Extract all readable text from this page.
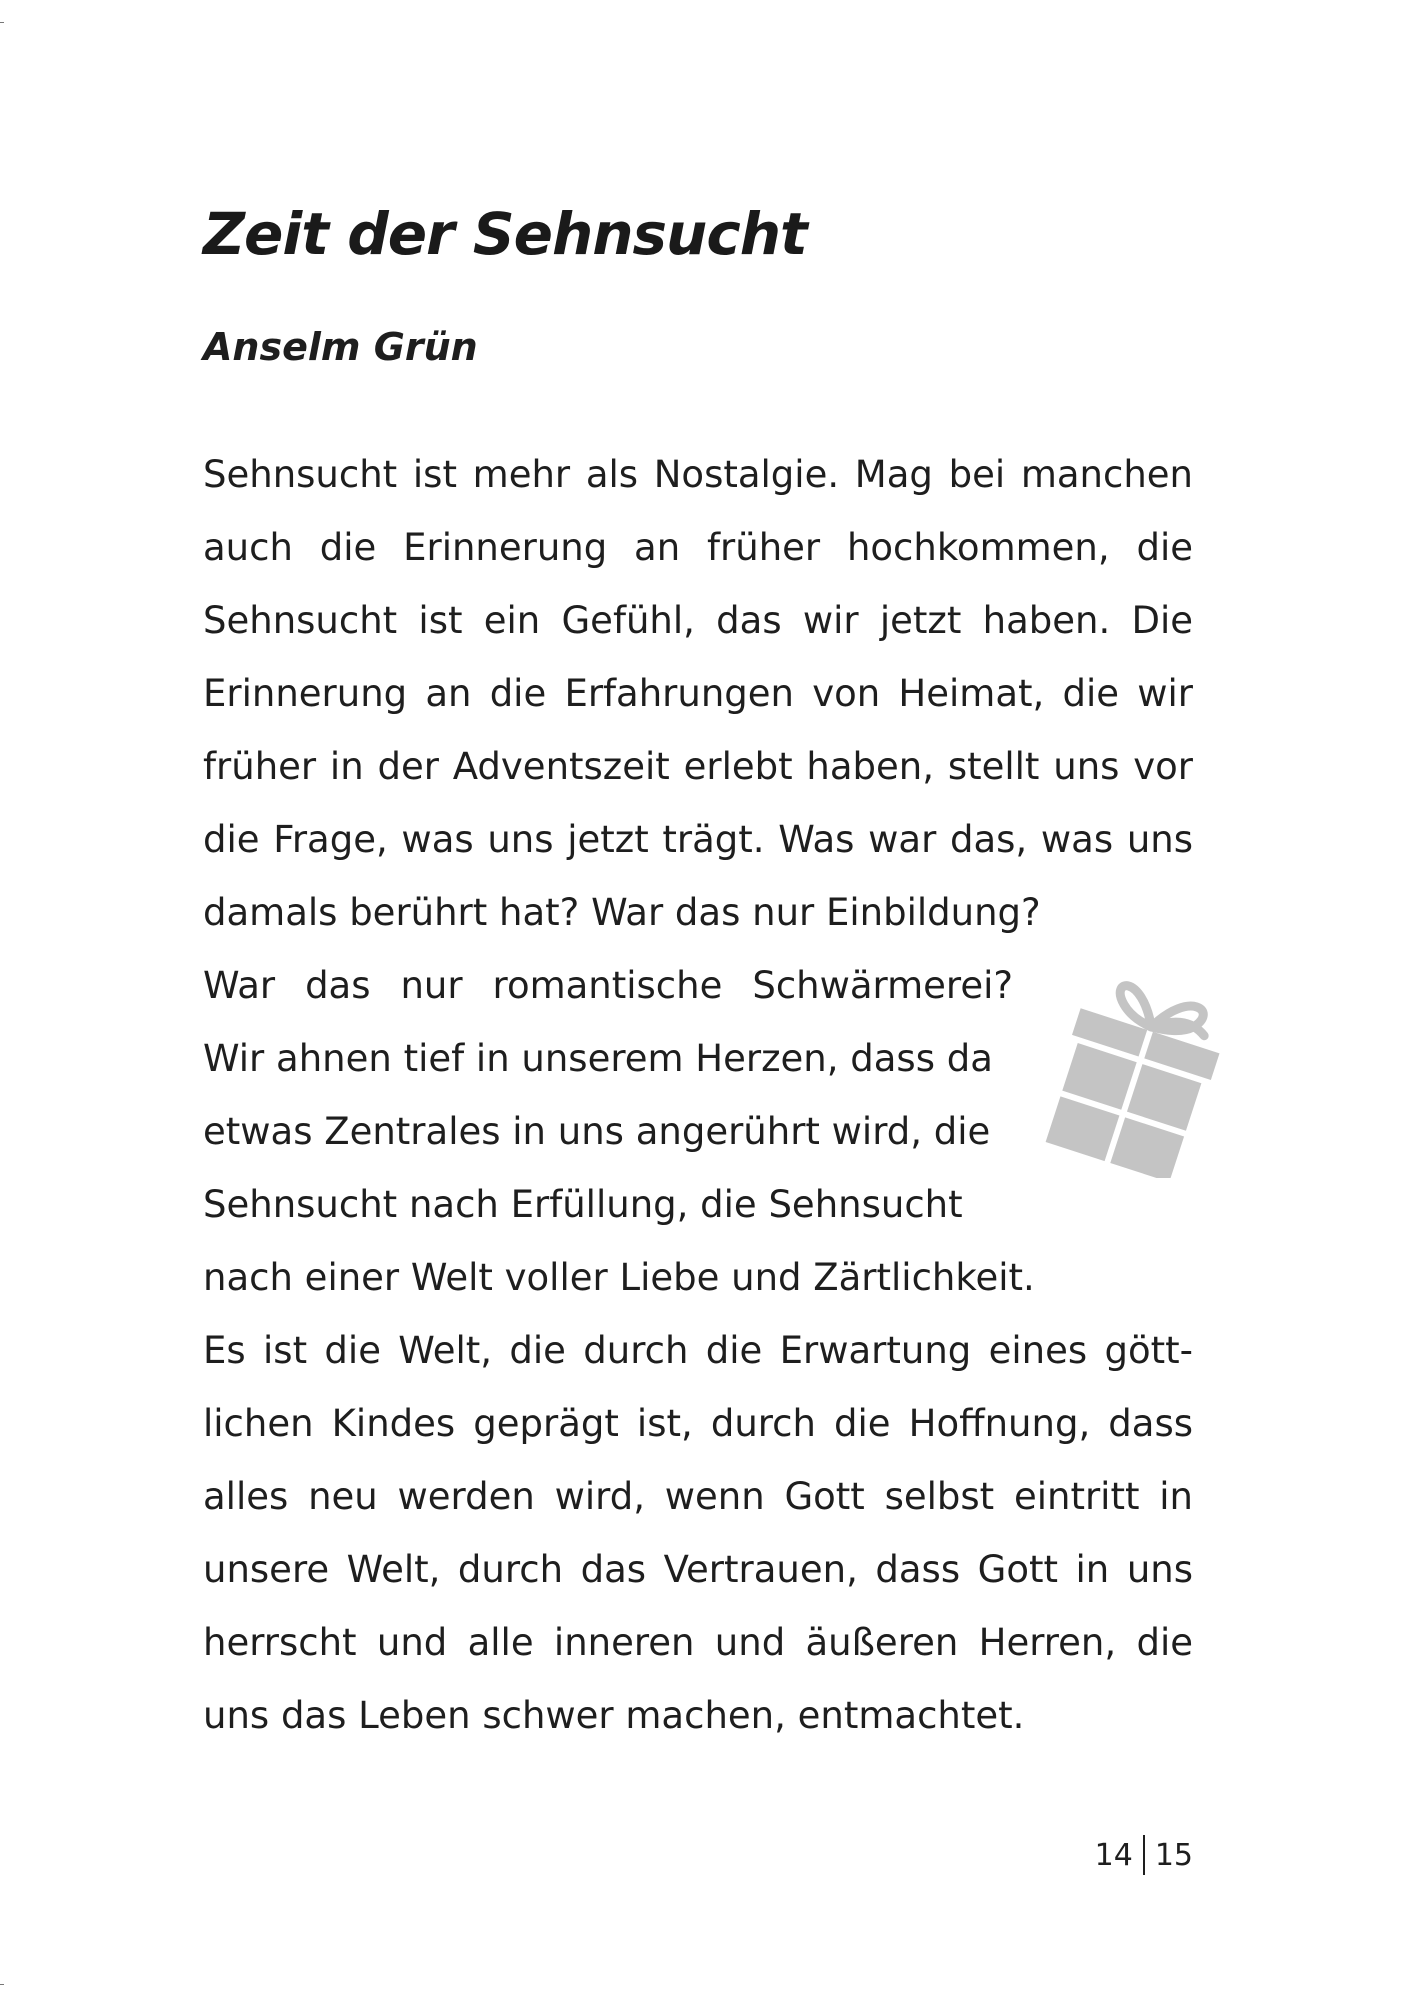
Zeit der Sehnsucht
Anselm Grün
Sehnsucht ist mehr als Nostalgie. Mag bei manchen
auch die Erinnerung an früher hochkommen, die
Sehnsucht ist ein Gefühl, das wir jetzt haben. Die
Erinnerung an die Erfahrungen von Heimat, die wir
früher in der Adventszeit erlebt haben, stellt uns vor
die Frage, was uns jetzt trägt. Was war das, was uns
damals berührt hat? War das nur Einbildung?
War das nur romantische Schwärmerei?
Wir ahnen tief in unserem Herzen, dass da
etwas Zentrales in uns angerührt wird, die
Sehnsucht nach Erfüllung, die Sehnsucht
nach einer Welt voller Liebe und Zärtlichkeit.
Es ist die Welt, die durch die Erwartung eines gött-
lichen Kindes geprägt ist, durch die Hoffnung, dass
alles neu werden wird, wenn Gott selbst eintritt in
unsere Welt, durch das Vertrauen, dass Gott in uns
herrscht und alle inneren und äußeren Herren, die
uns das Leben schwer machen, entmachtet.
14 15
